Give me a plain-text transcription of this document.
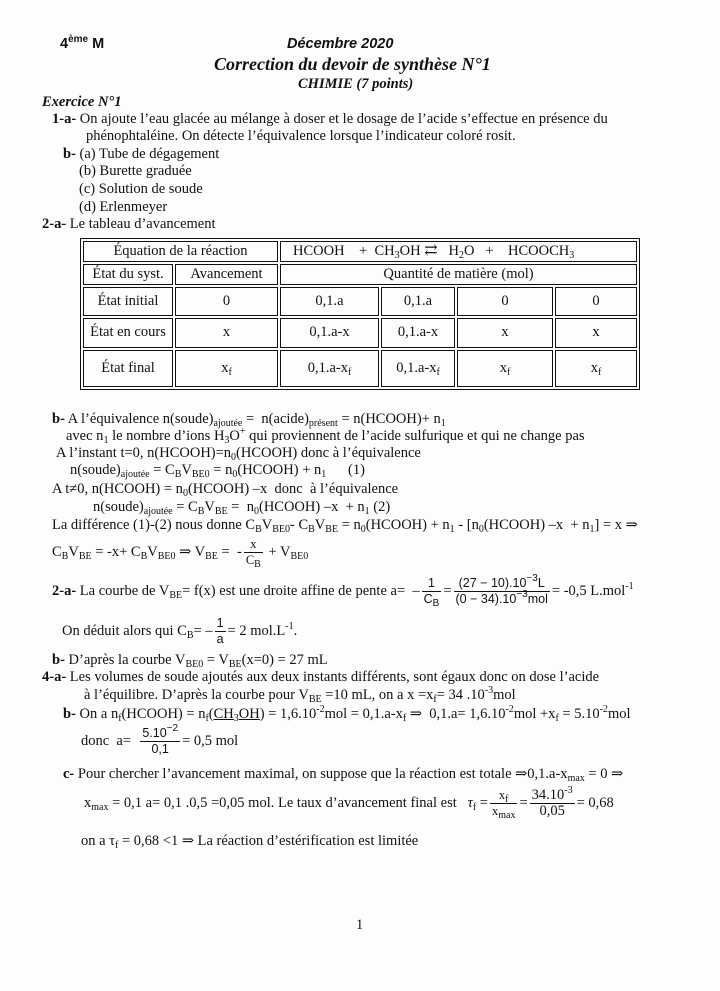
4ème M	Décembre 2020
Correction du devoir de synthèse N°1
CHIMIE (7 points)
Exercice N°1
1-a- On ajoute l’eau glacée au mélange à doser et le dosage de l’acide s’effectue en présence du
phénophtaléine. On détecte l’équivalence lorsque l’indicateur coloré rosit.
b- (a) Tube de dégagement
(b) Burette graduée
(c) Solution de soude
(d) Erlenmeyer
2-a- Le tableau d’avancement
Équation de la réaction		HCOOH    +  $CH_3OH$ ⇄   $H_2O$   +    $HCOOCH_3$
État du syst.	Avancement	Quantité de matière (mol)			
État initial	0	0,1.a	0,1.a	0	0
État en cours	x	0,1.a-x	0,1.a-x	x	x
État final	$x_f$	$0,1.a-x_f$	$0,1.a-x_f$	$x_f$	$x_f$
b- A l’équivalence $n(soude)_{ajoutée}$ =  $n(acide)_{présent}$ = n(HCOOH)+ $n_1$
avec $n_1$ le nombre d’ions $H_3O^+$ qui proviennent de l’acide sulfurique et qui ne change pas
A l’instant t=0, $n(HCOOH)=n_0(HCOOH)$ donc à l’équivalence
$n(soude)_{ajoutée} = C_BV_{BE0}$ = $n_0(HCOOH) + n_1$      (1)
A t≠0, n(HCOOH) = $n_0(HCOOH)$ –x  donc  à l’équivalence
$n(soude)_{ajoutée} = C_BV_{BE}$ =  $n_0(HCOOH) -x + n_1$ (2)
La différence (1)-(2) nous donne $C_BV_{BE0}-$ $C_BV_{BE}$ = $n_0(HCOOH) + n_1$ - $[n_0(HCOOH) -x + n_1] = x$ ⇒
$C_BV_{BE} = -x+ C_BV_{BE0}$ ⇒ $V_{BE}$ =  - $\frac{x}{C_B} + V_{BE0}$
2-a- La courbe de $V_{BE}= f(x)$ est une droite affine de pente $a= - \frac{1}{C_B} = \frac{(27 - 10).10^{-3}L}{(0 - 34).10^{-3}mol} = -0,5$ L.mol$^{-1}$
On déduit alors qui $C_B= - \frac{1}{a} = 2$ $mol.L^{-1}$.
b- D’après la courbe $V_{BE0} = V_{BE}(x=0) = 27$ mL
4-a- Les volumes de soude ajoutés aux deux instants différents, sont égaux donc on dose l’acide
à l’équilibre. D’après la courbe pour $V_{BE} =10$ mL, on a $x =x_f= 34$ $.10^{-3}mol$
b- On a $n_f(HCOOH) = n_f(CH_3OH) = 1,6.10^{-2}mol = 0,1.a-x_f$ ⇒  $0,1.a= 1,6.10^{-2}mol +x_f = 5.10^{-2}mol$
donc  $a= \frac{5.10^{-2}}{0,1} = 0,5$ mol
c- Pour chercher l’avancement maximal, on suppose que la réaction est totale $\Rightarrow 0,1.a-x_{max} = 0$ ⇒
$x_{max} = 0,1$ a= 0,1 .0,5 =0,05 mol. Le taux d’avancement final est   $\tau_f = \frac{x_f}{x_{max}} = \frac{34.10^{-3}}{0,05} = 0,68$
on a $\tau_f = 0,68 <1$ ⇒ La réaction d’estérification est limitée
1
